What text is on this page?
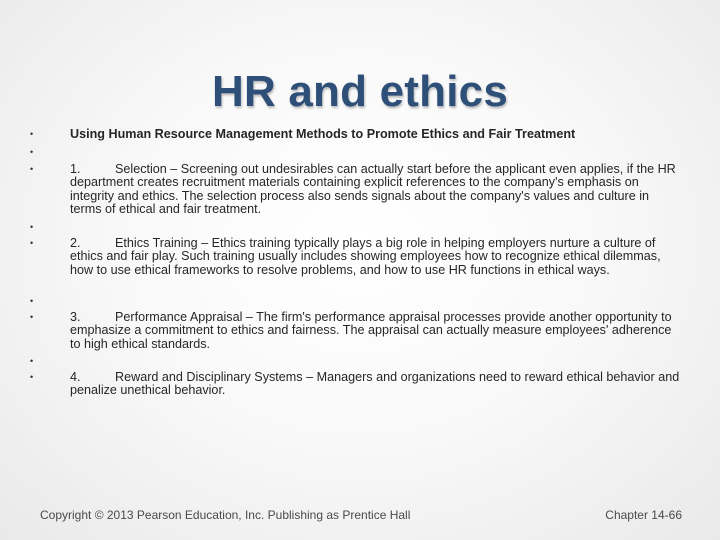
HR and ethics
•	Using Human Resource Management Methods to Promote Ethics and Fair Treatment
•
•	1.	Selection – Screening out undesirables can actually start before the applicant even applies, if the HR department creates recruitment materials containing explicit references to the company's emphasis on integrity and ethics. The selection process also sends signals about the company's values and culture in terms of ethical and fair treatment.
•
•	2.	Ethics Training – Ethics training typically plays a big role in helping employers nurture a culture of ethics and fair play. Such training usually includes showing employees how to recognize ethical dilemmas, how to use ethical frameworks to resolve problems, and how to use HR functions in ethical ways.
•
•	3.	Performance Appraisal – The firm's performance appraisal processes provide another opportunity to emphasize a commitment to ethics and fairness. The appraisal can actually measure employees' adherence to high ethical standards.
•
•	4.	Reward and Disciplinary Systems – Managers and organizations need to reward ethical behavior and penalize unethical behavior.
Copyright © 2013 Pearson Education, Inc. Publishing as Prentice Hall	Chapter 14-66
